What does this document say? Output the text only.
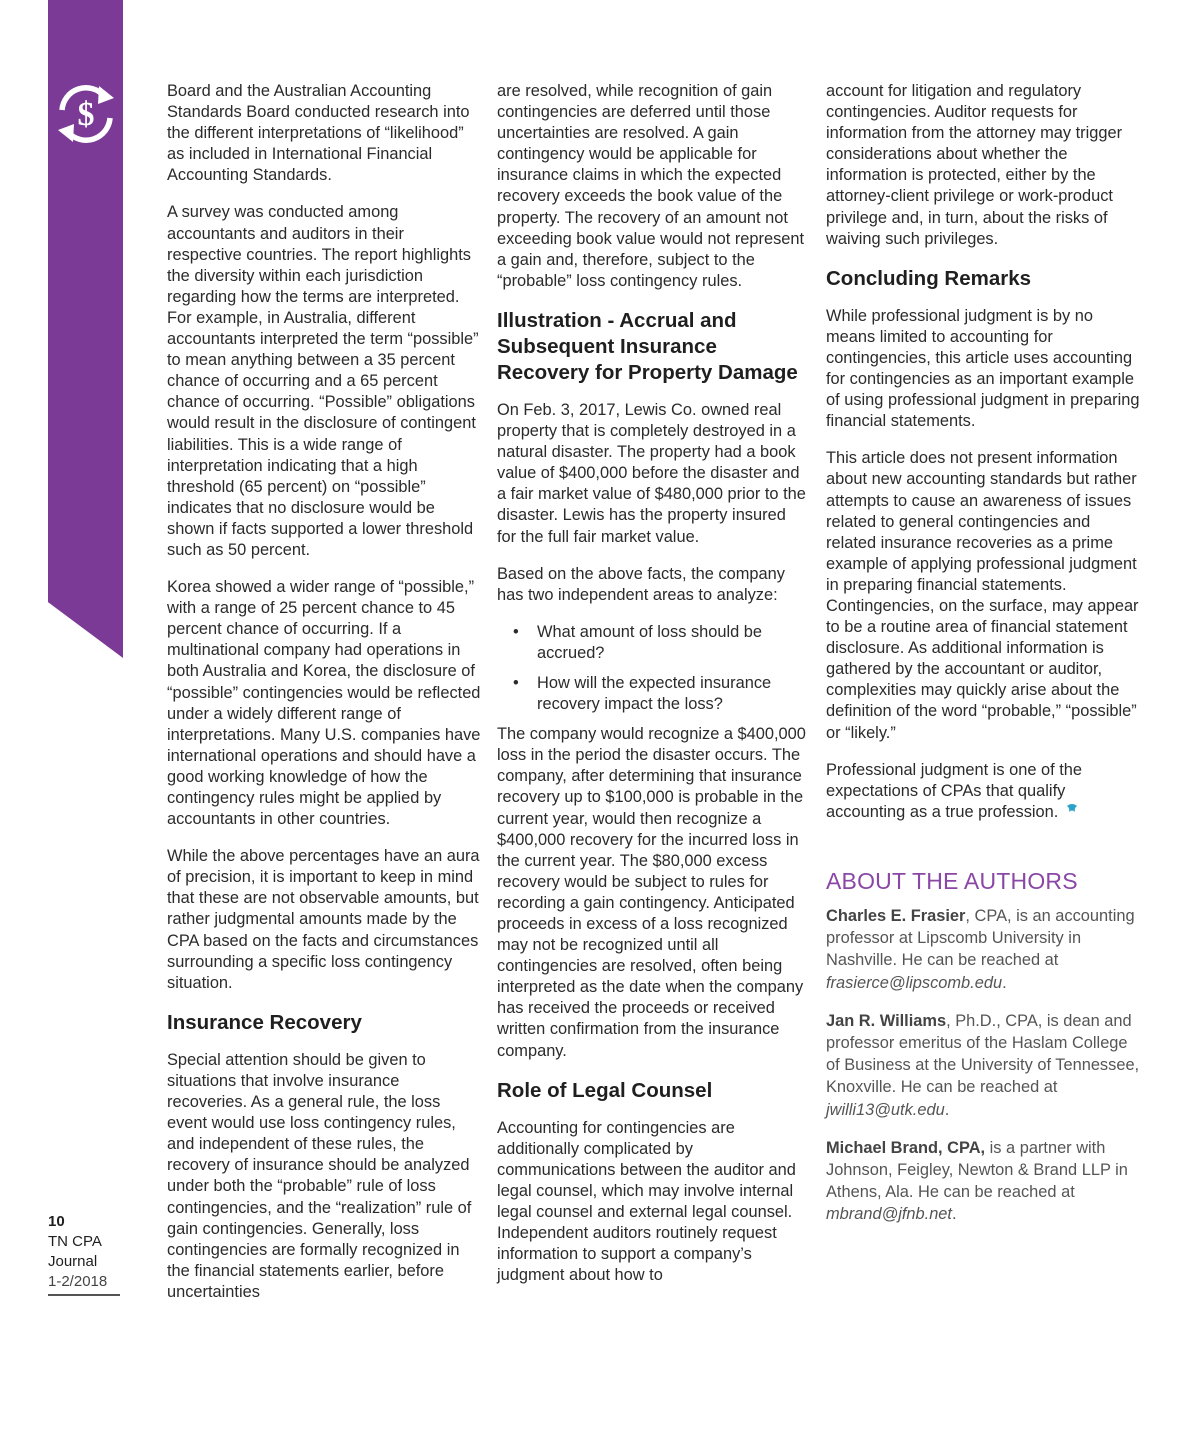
$

Board and the Australian Accounting Standards Board conducted research into the different interpretations of “likelihood” as included in International Financial Accounting Standards.

A survey was conducted among accountants and auditors in their respective countries. The report highlights the diversity within each jurisdiction regarding how the terms are interpreted. For example, in Australia, different accountants interpreted the term “possible” to mean anything between a 35 percent chance of occurring and a 65 percent chance of occurring. “Possible” obligations would result in the disclosure of contingent liabilities. This is a wide range of interpretation indicating that a high threshold (65 percent) on “possible” indicates that no disclosure would be shown if facts supported a lower threshold such as 50 percent.

Korea showed a wider range of “possible,” with a range of 25 percent chance to 45 percent chance of occurring. If a multinational company had operations in both Australia and Korea, the disclosure of “possible” contingencies would be reflected under a widely different range of interpretations. Many U.S. companies have international operations and should have a good working knowledge of how the contingency rules might be applied by accountants in other countries.

While the above percentages have an aura of precision, it is important to keep in mind that these are not observable amounts, but rather judgmental amounts made by the CPA based on the facts and circumstances surrounding a specific loss contingency situation.

Insurance Recovery

Special attention should be given to situations that involve insurance recoveries. As a general rule, the loss event would use loss contingency rules, and independent of these rules, the recovery of insurance should be analyzed under both the “probable” rule of loss contingencies, and the “realization” rule of gain contingencies. Generally, loss contingencies are formally recognized in the financial statements earlier, before uncertainties

are resolved, while recognition of gain contingencies are deferred until those uncertainties are resolved. A gain contingency would be applicable for insurance claims in which the expected recovery exceeds the book value of the property. The recovery of an amount not exceeding book value would not represent a gain and, therefore, subject to the “probable” loss contingency rules.

Illustration - Accrual and Subsequent Insurance Recovery for Property Damage

On Feb. 3, 2017, Lewis Co. owned real property that is completely destroyed in a natural disaster. The property had a book value of $400,000 before the disaster and a fair market value of $480,000 prior to the disaster. Lewis has the property insured for the full fair market value.

Based on the above facts, the company has two independent areas to analyze:

• What amount of loss should be accrued?
• How will the expected insurance recovery impact the loss?

The company would recognize a $400,000 loss in the period the disaster occurs. The company, after determining that insurance recovery up to $100,000 is probable in the current year, would then recognize a $400,000 recovery for the incurred loss in the current year. The $80,000 excess recovery would be subject to rules for recording a gain contingency. Anticipated proceeds in excess of a loss recognized may not be recognized until all contingencies are resolved, often being interpreted as the date when the company has received the proceeds or received written confirmation from the insurance company.

Role of Legal Counsel

Accounting for contingencies are additionally complicated by communications between the auditor and legal counsel, which may involve internal legal counsel and external legal counsel. Independent auditors routinely request information to support a company’s judgment about how to

account for litigation and regulatory contingencies. Auditor requests for information from the attorney may trigger considerations about whether the information is protected, either by the attorney-client privilege or work-product privilege and, in turn, about the risks of waiving such privileges.

Concluding Remarks

While professional judgment is by no means limited to accounting for contingencies, this article uses accounting for contingencies as an important example of using professional judgment in preparing financial statements.

This article does not present information about new accounting standards but rather attempts to cause an awareness of issues related to general contingencies and related insurance recoveries as a prime example of applying professional judgment in preparing financial statements. Contingencies, on the surface, may appear to be a routine area of financial statement disclosure. As additional information is gathered by the accountant or auditor, complexities may quickly arise about the definition of the word “probable,” “possible” or “likely.”

Professional judgment is one of the expectations of CPAs that qualify accounting as a true profession.

ABOUT THE AUTHORS

Charles E. Frasier, CPA, is an accounting professor at Lipscomb University in Nashville. He can be reached at frasierce@lipscomb.edu.

Jan R. Williams, Ph.D., CPA, is dean and professor emeritus of the Haslam College of Business at the University of Tennessee, Knoxville. He can be reached at jwilli13@utk.edu.

Michael Brand, CPA, is a partner with Johnson, Feigley, Newton & Brand LLP in Athens, Ala. He can be reached at mbrand@jfnb.net.

10
TN CPA
Journal
1-2/2018
